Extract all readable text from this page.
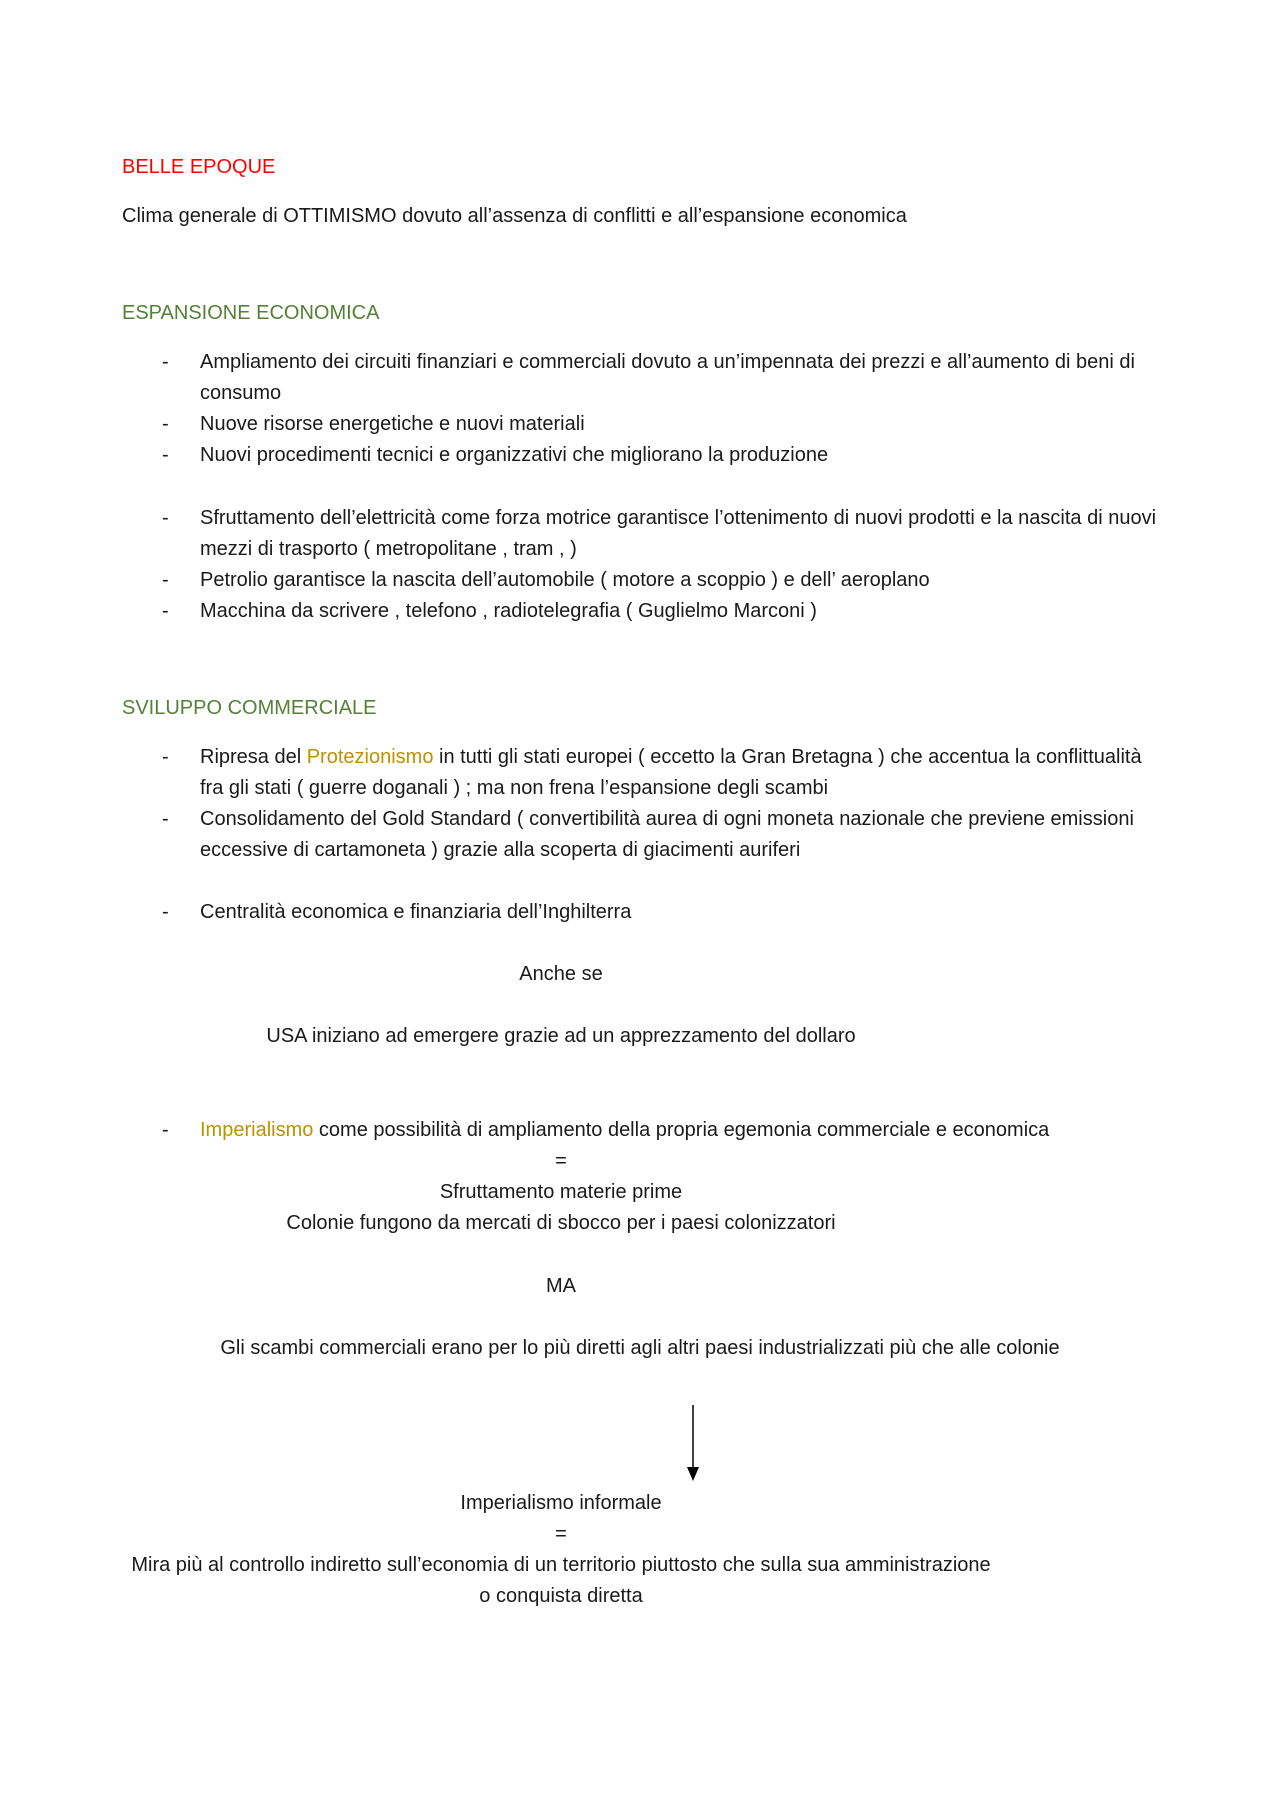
BELLE EPOQUE
Clima generale di OTTIMISMO dovuto all’assenza di conflitti e all’espansione economica
ESPANSIONE ECONOMICA
- Ampliamento dei circuiti finanziari e commerciali dovuto a un’impennata dei prezzi e all’aumento di beni di consumo
- Nuove risorse energetiche e nuovi materiali
- Nuovi procedimenti tecnici e organizzativi che migliorano la produzione
- Sfruttamento dell’elettricità come forza motrice garantisce l’ottenimento di nuovi prodotti e la nascita di nuovi mezzi di trasporto ( metropolitane , tram , )
- Petrolio garantisce la nascita dell’automobile ( motore a scoppio ) e dell’ aeroplano
- Macchina da scrivere , telefono , radiotelegrafia ( Guglielmo Marconi )
SVILUPPO COMMERCIALE
- Ripresa del Protezionismo in tutti gli stati europei ( eccetto la Gran Bretagna ) che accentua la conflittualità fra gli stati ( guerre doganali ) ; ma non frena l’espansione degli scambi
- Consolidamento del Gold Standard ( convertibilità aurea di ogni moneta nazionale che previene emissioni eccessive di cartamoneta ) grazie alla scoperta di giacimenti auriferi
- Centralità economica e finanziaria dell’Inghilterra
Anche se
USA iniziano ad emergere grazie ad un apprezzamento del dollaro
- Imperialismo come possibilità di ampliamento della propria egemonia commerciale e economica
=
Sfruttamento materie prime
Colonie fungono da mercati di sbocco per i paesi colonizzatori
MA
Gli scambi commerciali erano per lo più diretti agli altri paesi industrializzati più che alle colonie
Imperialismo informale
=
Mira più al controllo indiretto sull’economia di un territorio piuttosto che sulla sua amministrazione
o conquista diretta
